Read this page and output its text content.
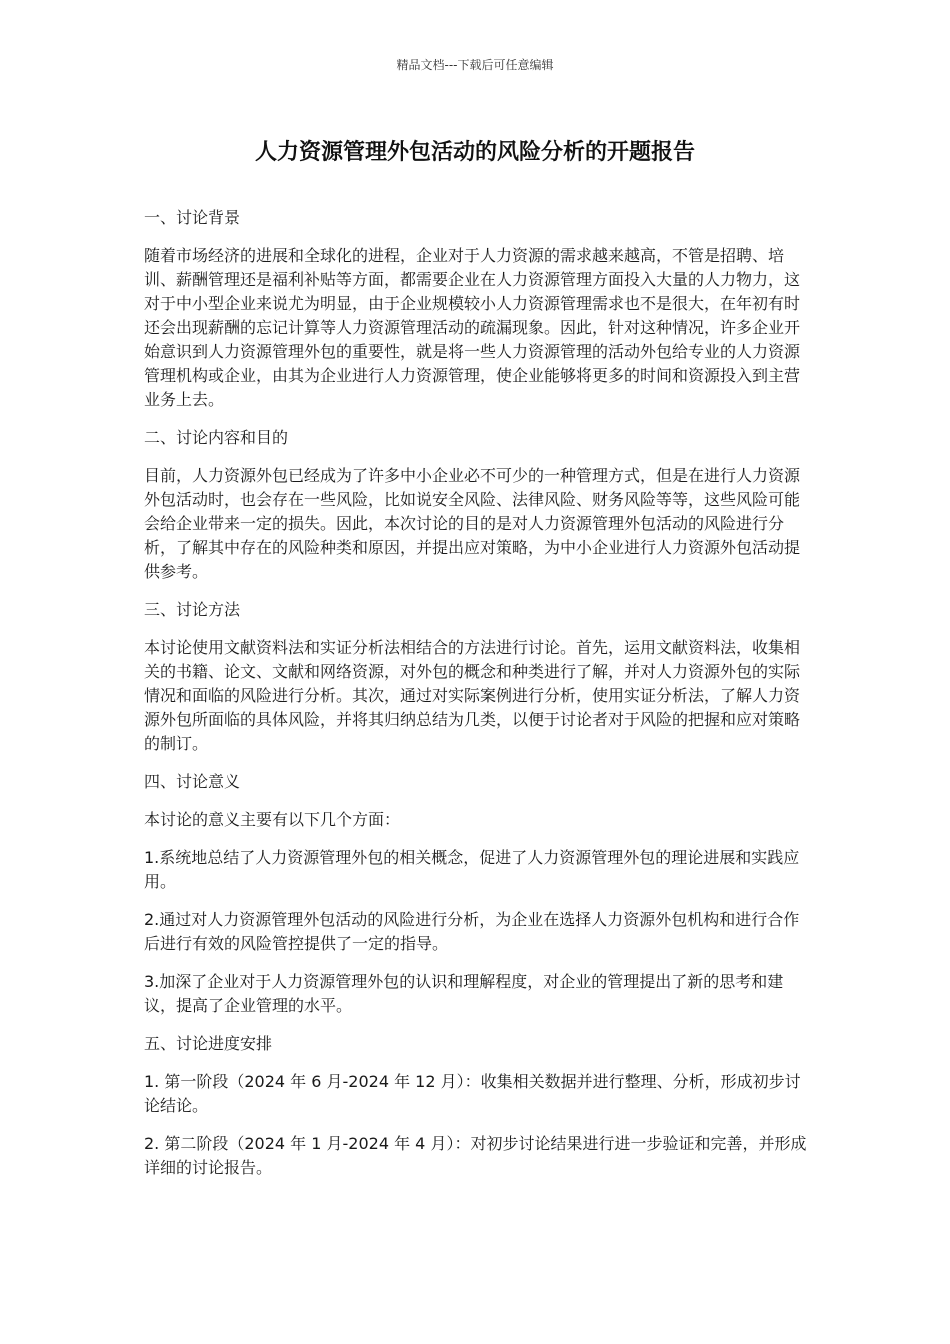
精品文档---下载后可任意编辑
人力资源管理外包活动的风险分析的开题报告

一、讨论背景

随着市场经济的进展和全球化的进程，企业对于人力资源的需求越来越高，不管是招聘、培训、薪酬管理还是福利补贴等方面，都需要企业在人力资源管理方面投入大量的人力物力，这对于中小型企业来说尤为明显，由于企业规模较小人力资源管理需求也不是很大，在年初有时还会出现薪酬的忘记计算等人力资源管理活动的疏漏现象。因此，针对这种情况，许多企业开始意识到人力资源管理外包的重要性，就是将一些人力资源管理的活动外包给专业的人力资源管理机构或企业，由其为企业进行人力资源管理，使企业能够将更多的时间和资源投入到主营业务上去。

二、讨论内容和目的

目前，人力资源外包已经成为了许多中小企业必不可少的一种管理方式，但是在进行人力资源外包活动时，也会存在一些风险，比如说安全风险、法律风险、财务风险等等，这些风险可能会给企业带来一定的损失。因此，本次讨论的目的是对人力资源管理外包活动的风险进行分析，了解其中存在的风险种类和原因，并提出应对策略，为中小企业进行人力资源外包活动提供参考。

三、讨论方法

本讨论使用文献资料法和实证分析法相结合的方法进行讨论。首先，运用文献资料法，收集相关的书籍、论文、文献和网络资源，对外包的概念和种类进行了解，并对人力资源外包的实际情况和面临的风险进行分析。其次，通过对实际案例进行分析，使用实证分析法，了解人力资源外包所面临的具体风险，并将其归纳总结为几类，以便于讨论者对于风险的把握和应对策略的制订。

四、讨论意义

本讨论的意义主要有以下几个方面：

1.系统地总结了人力资源管理外包的相关概念，促进了人力资源管理外包的理论进展和实践应用。

2.通过对人力资源管理外包活动的风险进行分析，为企业在选择人力资源外包机构和进行合作后进行有效的风险管控提供了一定的指导。

3.加深了企业对于人力资源管理外包的认识和理解程度，对企业的管理提出了新的思考和建议，提高了企业管理的水平。

五、讨论进度安排

1. 第一阶段（2024 年 6 月-2024 年 12 月）：收集相关数据并进行整理、分析，形成初步讨论结论。

2. 第二阶段（2024 年 1 月-2024 年 4 月）：对初步讨论结果进行进一步验证和完善，并形成详细的讨论报告。
